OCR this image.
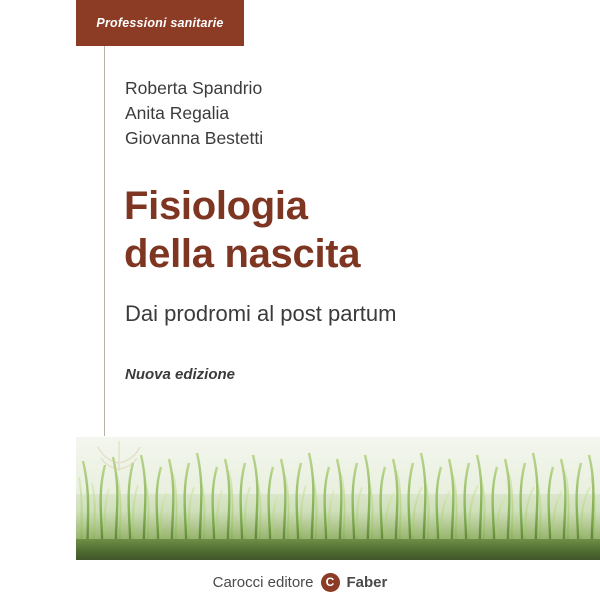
Professioni sanitarie
Roberta Spandrio
Anita Regalia
Giovanna Bestetti
Fisiologia
della nascita
Dai prodromi al post partum
Nuova edizione
Carocci editore	C Faber
